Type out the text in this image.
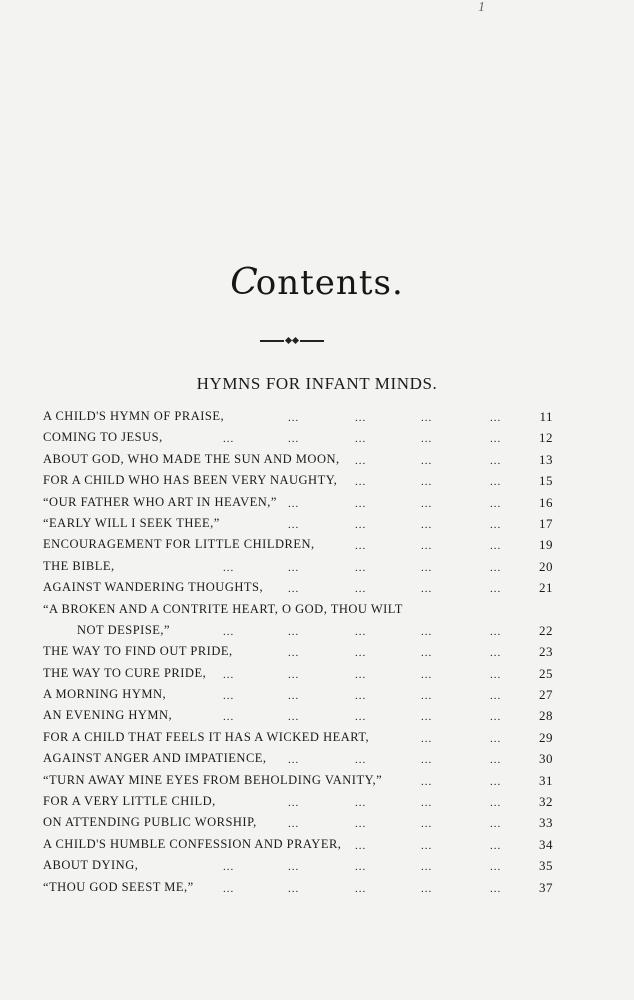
1
Contents.
HYMNS FOR INFANT MINDS.
A CHILD'S HYMN OF PRAISE,	...	...	...	...	11
COMING TO JESUS,	...	...	...	...	...	12
ABOUT GOD, WHO MADE THE SUN AND MOON, ...	...	...	13
FOR A CHILD WHO HAS BEEN VERY NAUGHTY, ...	...	...	15
“OUR FATHER WHO ART IN HEAVEN,” ...	...	...	...	16
“EARLY WILL I SEEK THEE,”	...	...	...	...	17
ENCOURAGEMENT FOR LITTLE CHILDREN,	...	...	...	19
THE BIBLE,	...	...	...	...	...	20
AGAINST WANDERING THOUGHTS, ...	...	...	...	21
“A BROKEN AND A CONTRITE HEART, O GOD, THOU WILT
NOT DESPISE,”	...	...	...	...	...	22
THE WAY TO FIND OUT PRIDE,	...	...	...	...	23
THE WAY TO CURE PRIDE, ...	...	...	...	...	25
A MORNING HYMN,	...	...	...	...	...	27
AN EVENING HYMN,	...	...	...	...	...	28
FOR A CHILD THAT FEELS IT HAS A WICKED HEART,	...	...	29
AGAINST ANGER AND IMPATIENCE, ...	...	...	...	30
“TURN AWAY MINE EYES FROM BEHOLDING VANITY,”	...	...	31
FOR A VERY LITTLE CHILD,	...	...	...	...	32
ON ATTENDING PUBLIC WORSHIP,	...	...	...	...	33
A CHILD'S HUMBLE CONFESSION AND PRAYER, ...	...	...	34
ABOUT DYING,	...	...	...	...	...	35
“THOU GOD SEEST ME,”	...	...	...	...	...	37
